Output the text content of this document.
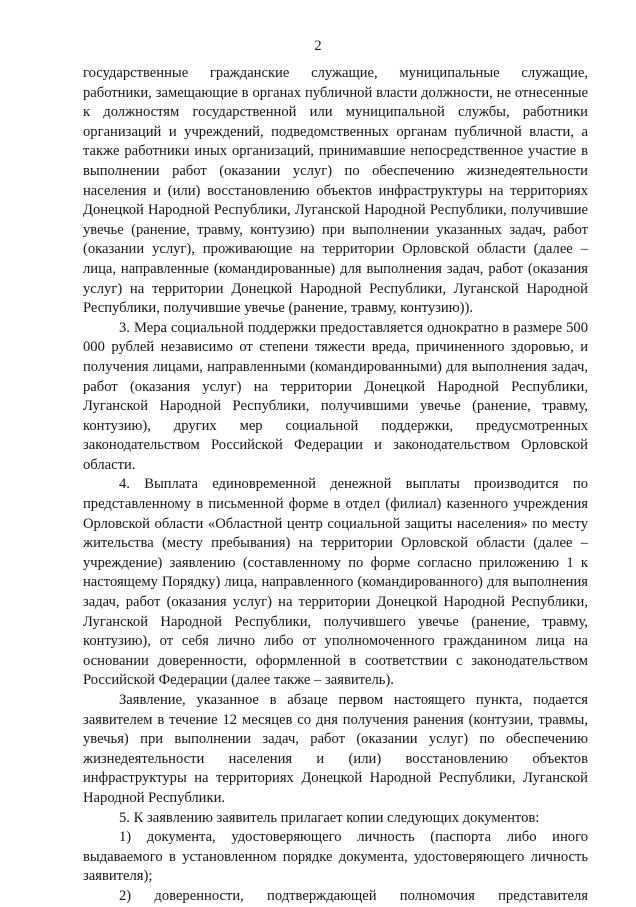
2

государственные гражданские служащие, муниципальные служащие, работники, замещающие в органах публичной власти должности, не отнесенные к должностям государственной или муниципальной службы, работники организаций и учреждений, подведомственных органам публичной власти, а также работники иных организаций, принимавшие непосредственное участие в выполнении работ (оказании услуг) по обеспечению жизнедеятельности населения и (или) восстановлению объектов инфраструктуры на территориях Донецкой Народной Республики, Луганской Народной Республики, получившие увечье (ранение, травму, контузию) при выполнении указанных задач, работ (оказании услуг), проживающие на территории Орловской области (далее – лица, направленные (командированные) для выполнения задач, работ (оказания услуг) на территории Донецкой Народной Республики, Луганской Народной Республики, получившие увечье (ранение, травму, контузию)).

3. Мера социальной поддержки предоставляется однократно в размере 500 000 рублей независимо от степени тяжести вреда, причиненного здоровью, и получения лицами, направленными (командированными) для выполнения задач, работ (оказания услуг) на территории Донецкой Народной Республики, Луганской Народной Республики, получившими увечье (ранение, травму, контузию), других мер социальной поддержки, предусмотренных законодательством Российской Федерации и законодательством Орловской области.

4. Выплата единовременной денежной выплаты производится по представленному в письменной форме в отдел (филиал) казенного учреждения Орловской области «Областной центр социальной защиты населения» по месту жительства (месту пребывания) на территории Орловской области (далее – учреждение) заявлению (составленному по форме согласно приложению 1 к настоящему Порядку) лица, направленного (командированного) для выполнения задач, работ (оказания услуг) на территории Донецкой Народной Республики, Луганской Народной Республики, получившего увечье (ранение, травму, контузию), от себя лично либо от уполномоченного гражданином лица на основании доверенности, оформленной в соответствии с законодательством Российской Федерации (далее также – заявитель).

Заявление, указанное в абзаце первом настоящего пункта, подается заявителем в течение 12 месяцев со дня получения ранения (контузии, травмы, увечья) при выполнении задач, работ (оказании услуг) по обеспечению жизнедеятельности населения и (или) восстановлению объектов инфраструктуры на территориях Донецкой Народной Республики, Луганской Народной Республики.

5. К заявлению заявитель прилагает копии следующих документов:

1) документа, удостоверяющего личность (паспорта либо иного выдаваемого в установленном порядке документа, удостоверяющего личность заявителя);

2) доверенности, подтверждающей полномочия представителя
